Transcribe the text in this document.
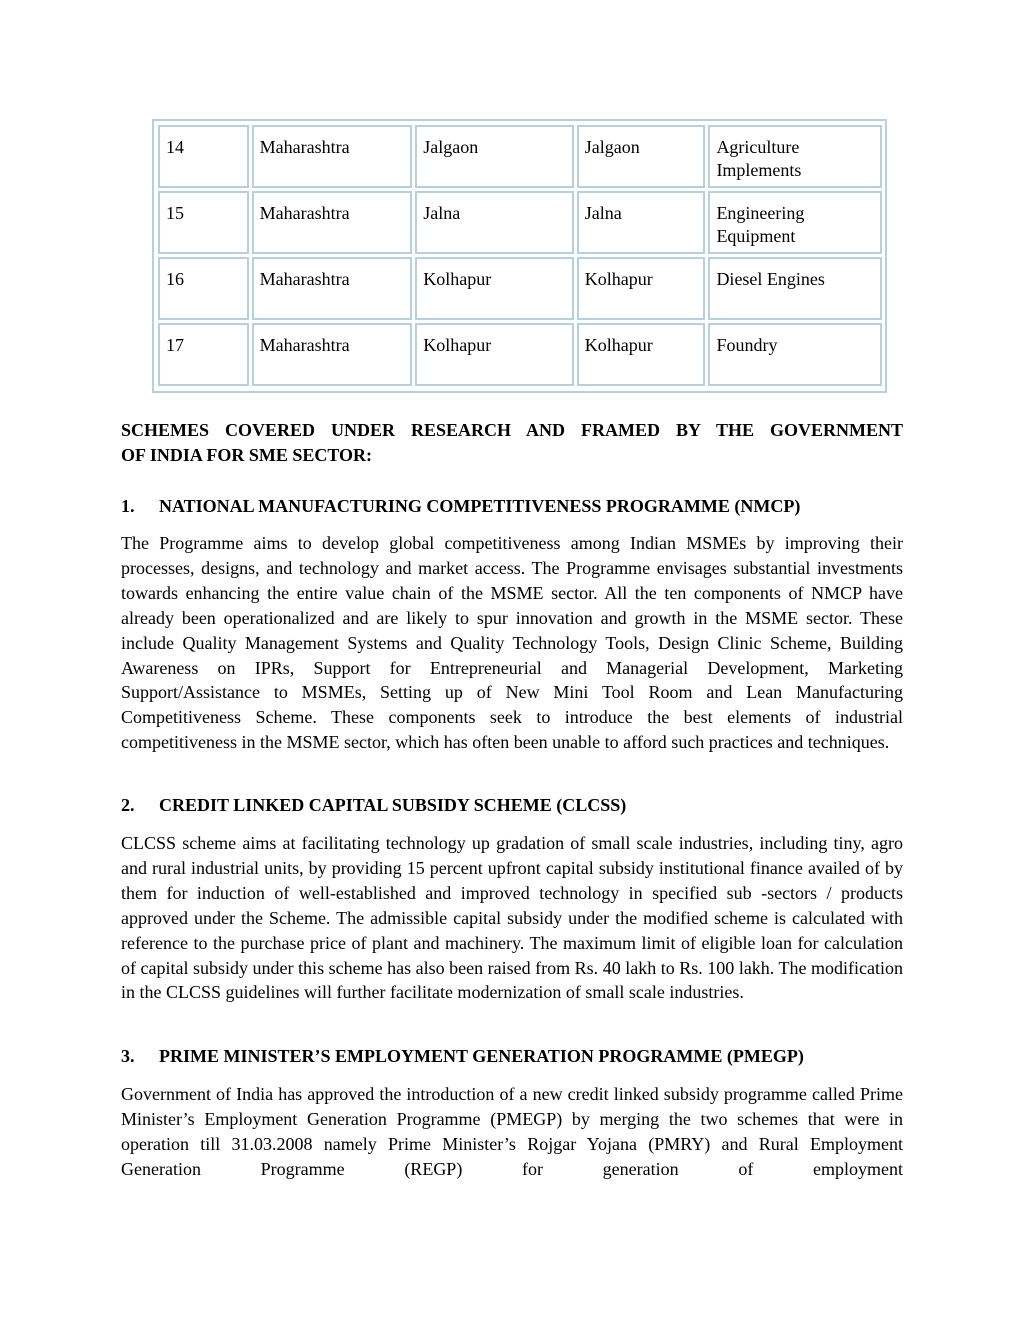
14	Maharashtra	Jalgaon	Jalgaon	Agriculture Implements
15	Maharashtra	Jalna	Jalna	Engineering Equipment
16	Maharashtra	Kolhapur	Kolhapur	Diesel Engines
17	Maharashtra	Kolhapur	Kolhapur	Foundry
SCHEMES COVERED UNDER RESEARCH AND FRAMED BY THE GOVERNMENT
OF INDIA FOR SME SECTOR:
1.	NATIONAL MANUFACTURING COMPETITIVENESS PROGRAMME (NMCP)

The Programme aims to develop global competitiveness among Indian MSMEs by improving their processes, designs, and technology and market access. The Programme envisages substantial investments towards enhancing the entire value chain of the MSME sector. All the ten components of NMCP have already been operationalized and are likely to spur innovation and growth in the MSME sector. These include Quality Management Systems and Quality Technology Tools, Design Clinic Scheme, Building Awareness on IPRs, Support for Entrepreneurial and Managerial Development, Marketing Support/Assistance to MSMEs, Setting up of New Mini Tool Room and Lean Manufacturing Competitiveness Scheme. These components seek to introduce the best elements of industrial competitiveness in the MSME sector, which has often been unable to afford such practices and techniques.

2.	CREDIT LINKED CAPITAL SUBSIDY SCHEME (CLCSS)

CLCSS scheme aims at facilitating technology up gradation of small scale industries, including tiny, agro and rural industrial units, by providing 15 percent upfront capital subsidy institutional finance availed of by them for induction of well-established and improved technology in specified sub -sectors / products approved under the Scheme. The admissible capital subsidy under the modified scheme is calculated with reference to the purchase price of plant and machinery. The maximum limit of eligible loan for calculation of capital subsidy under this scheme has also been raised from Rs. 40 lakh to Rs. 100 lakh. The modification in the CLCSS guidelines will further facilitate modernization of small scale industries.

3.	PRIME MINISTER’S EMPLOYMENT GENERATION PROGRAMME (PMEGP)

Government of India has approved the introduction of a new credit linked subsidy programme called Prime Minister’s Employment Generation Programme (PMEGP) by merging the two schemes that were in operation till 31.03.2008 namely Prime Minister’s Rojgar Yojana (PMRY) and Rural Employment Generation Programme (REGP) for generation of employment
